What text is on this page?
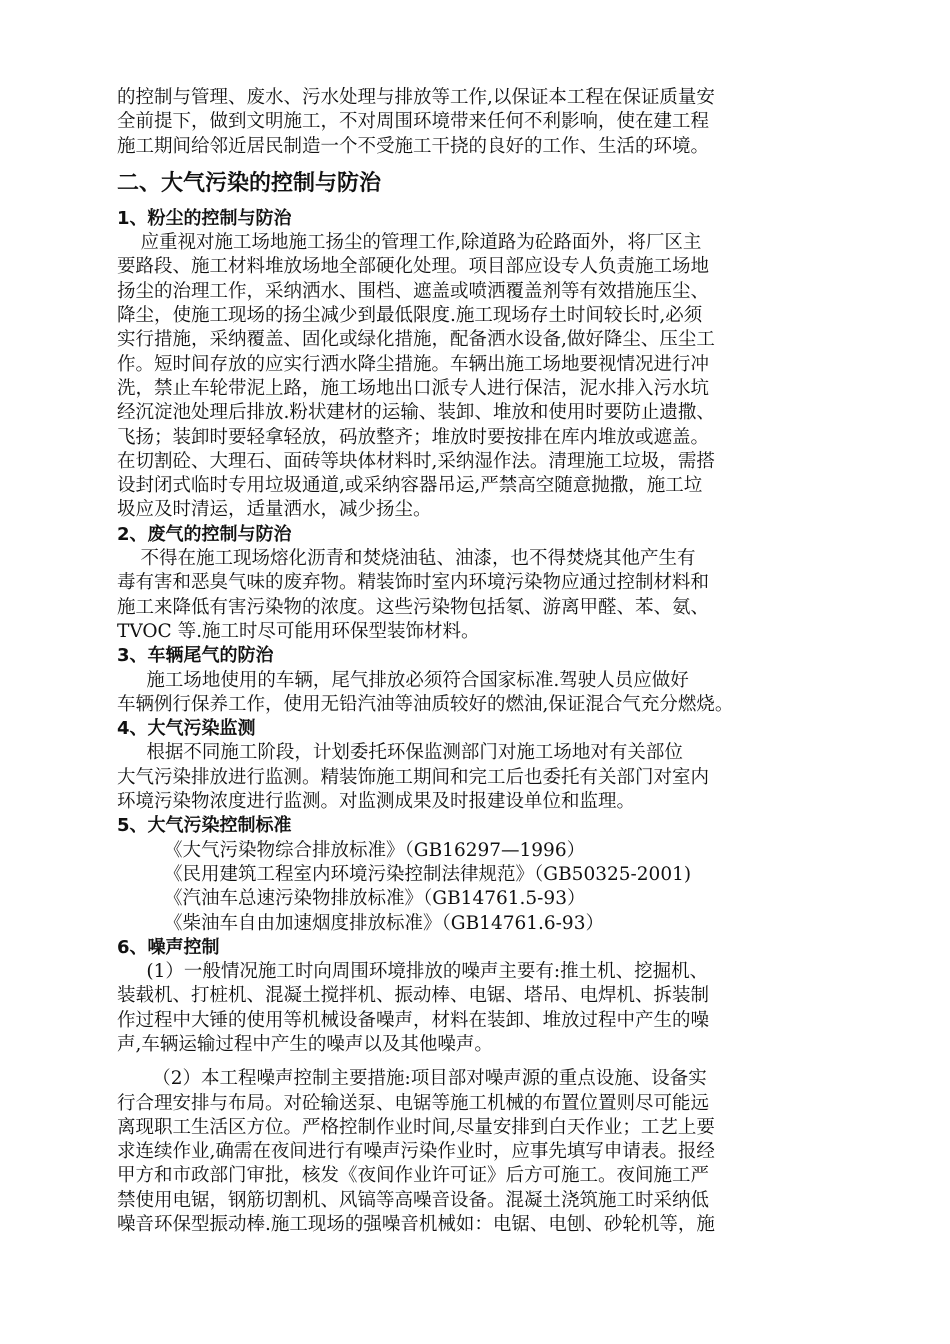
的控制与管理、废水、污水处理与排放等工作,以保证本工程在保证质量安
全前提下，做到文明施工，不对周围环境带来任何不利影响，使在建工程
施工期间给邻近居民制造一个不受施工干挠的良好的工作、生活的环境。
二、大气污染的控制与防治
1、粉尘的控制与防治
应重视对施工场地施工扬尘的管理工作,除道路为砼路面外，将厂区主
要路段、施工材料堆放场地全部硬化处理。项目部应设专人负责施工场地
扬尘的治理工作，采纳洒水、围档、遮盖或喷洒覆盖剂等有效措施压尘、
降尘，使施工现场的扬尘减少到最低限度.施工现场存土时间较长时,必须
实行措施，采纳覆盖、固化或绿化措施，配备洒水设备,做好降尘、压尘工
作。短时间存放的应实行洒水降尘措施。车辆出施工场地要视情况进行冲
洗，禁止车轮带泥上路，施工场地出口派专人进行保洁，泥水排入污水坑
经沉淀池处理后排放.粉状建材的运输、装卸、堆放和使用时要防止遗撒、
飞扬；装卸时要轻拿轻放，码放整齐；堆放时要按排在库内堆放或遮盖。
在切割砼、大理石、面砖等块体材料时,采纳湿作法。清理施工垃圾，需搭
设封闭式临时专用垃圾通道,或采纳容器吊运,严禁高空随意抛撒，施工垃
圾应及时清运，适量洒水，减少扬尘。
2、废气的控制与防治
不得在施工现场熔化沥青和焚烧油毡、油漆，也不得焚烧其他产生有
毒有害和恶臭气味的废弃物。精装饰时室内环境污染物应通过控制材料和
施工来降低有害污染物的浓度。这些污染物包括氡、游离甲醛、苯、氨、
TVOC 等.施工时尽可能用环保型装饰材料。
3、车辆尾气的防治
施工场地使用的车辆，尾气排放必须符合国家标准.驾驶人员应做好
车辆例行保养工作，使用无铅汽油等油质较好的燃油,保证混合气充分燃烧。
4、大气污染监测
根据不同施工阶段，计划委托环保监测部门对施工场地对有关部位
大气污染排放进行监测。精装饰施工期间和完工后也委托有关部门对室内
环境污染物浓度进行监测。对监测成果及时报建设单位和监理。
5、大气污染控制标准
《大气污染物综合排放标准》（GB16297—1996）
《民用建筑工程室内环境污染控制法律规范》（GB50325-2001)
《汽油车总速污染物排放标准》（GB14761.5-93）
《柴油车自由加速烟度排放标准》（GB14761.6-93）
6、噪声控制
(1）一般情况施工时向周围环境排放的噪声主要有:推土机、挖掘机、
装载机、打桩机、混凝土搅拌机、振动棒、电锯、塔吊、电焊机、拆装制
作过程中大锤的使用等机械设备噪声，材料在装卸、堆放过程中产生的噪
声,车辆运输过程中产生的噪声以及其他噪声。
（2）本工程噪声控制主要措施:项目部对噪声源的重点设施、设备实
行合理安排与布局。对砼输送泵、电锯等施工机械的布置位置则尽可能远
离现职工生活区方位。严格控制作业时间,尽量安排到白天作业；工艺上要
求连续作业,确需在夜间进行有噪声污染作业时，应事先填写申请表。报经
甲方和市政部门审批，核发《夜间作业许可证》后方可施工。夜间施工严
禁使用电锯，钢筋切割机、风镐等高噪音设备。混凝土浇筑施工时采纳低
噪音环保型振动棒.施工现场的强噪音机械如：电锯、电刨、砂轮机等，施
